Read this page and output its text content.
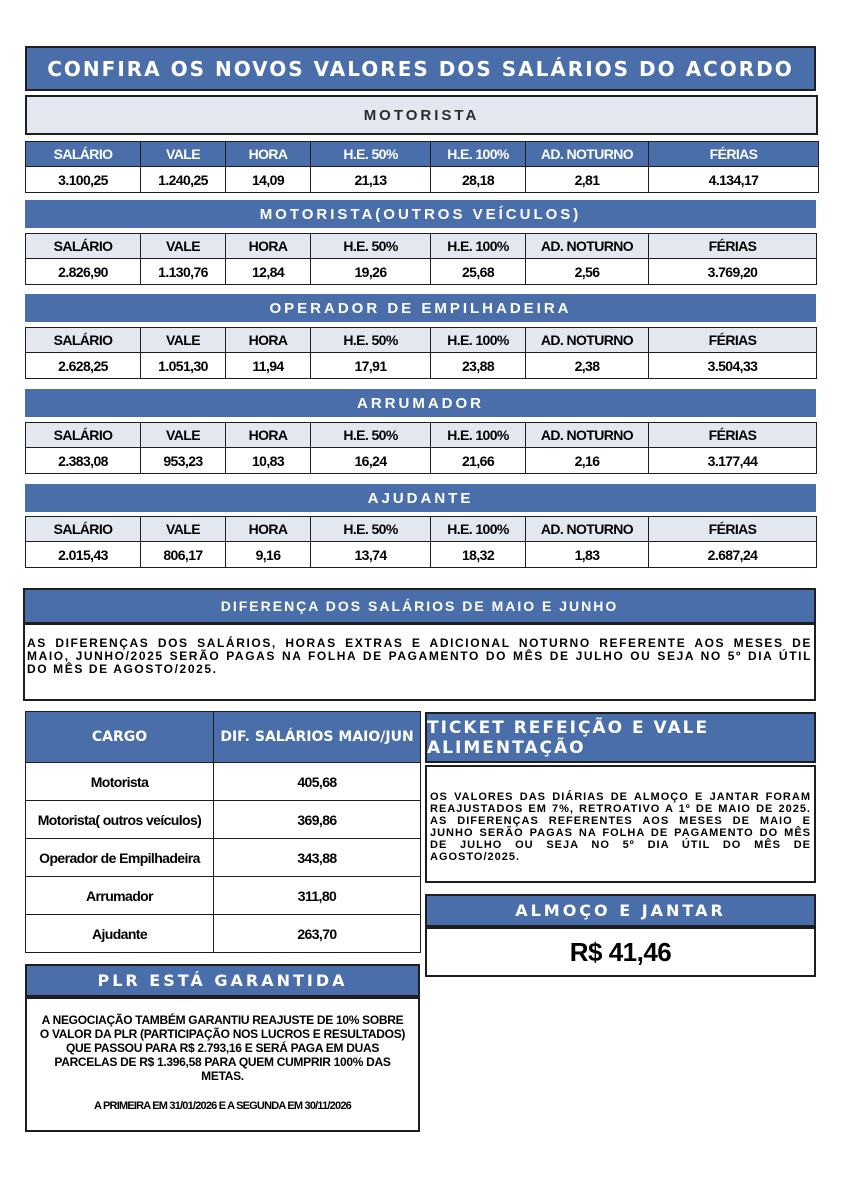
CONFIRA OS NOVOS VALORES DOS SALÁRIOS DO ACORDO
MOTORISTA
SALÁRIO	VALE	HORA	H.E. 50%	H.E. 100%	AD. NOTURNO	FÉRIAS
3.100,25	1.240,25	14,09	21,13	28,18	2,81	4.134,17
MOTORISTA(OUTROS VEÍCULOS)
SALÁRIO	VALE	HORA	H.E. 50%	H.E. 100%	AD. NOTURNO	FÉRIAS
2.826,90	1.130,76	12,84	19,26	25,68	2,56	3.769,20
OPERADOR DE EMPILHADEIRA
SALÁRIO	VALE	HORA	H.E. 50%	H.E. 100%	AD. NOTURNO	FÉRIAS
2.628,25	1.051,30	11,94	17,91	23,88	2,38	3.504,33
ARRUMADOR
SALÁRIO	VALE	HORA	H.E. 50%	H.E. 100%	AD. NOTURNO	FÉRIAS
2.383,08	953,23	10,83	16,24	21,66	2,16	3.177,44
AJUDANTE
SALÁRIO	VALE	HORA	H.E. 50%	H.E. 100%	AD. NOTURNO	FÉRIAS
2.015,43	806,17	9,16	13,74	18,32	1,83	2.687,24
DIFERENÇA DOS SALÁRIOS DE MAIO E JUNHO
AS DIFERENÇAS DOS SALÁRIOS, HORAS EXTRAS E ADICIONAL NOTURNO REFERENTE AOS MESES DE MAIO, JUNHO/2025 SERÃO PAGAS NA FOLHA DE PAGAMENTO DO MÊS DE JULHO OU SEJA NO 5º DIA ÚTIL DO MÊS DE AGOSTO/2025.
CARGO	DIF. SALÁRIOS MAIO/JUN
Motorista	405,68
Motorista( outros veículos)	369,86
Operador de Empilhadeira	343,88
Arrumador	311,80
Ajudante	263,70
TICKET REFEIÇÃO E VALE ALIMENTAÇÃO
OS VALORES DAS DIÁRIAS DE ALMOÇO E JANTAR FORAM REAJUSTADOS EM 7%, RETROATIVO A 1º DE MAIO DE 2025. AS DIFERENÇAS REFERENTES AOS MESES DE MAIO E JUNHO SERÃO PAGAS NA FOLHA DE PAGAMENTO DO MÊS DE JULHO OU SEJA NO 5º DIA ÚTIL DO MÊS DE AGOSTO/2025.
ALMOÇO E JANTAR
R$ 41,46
PLR ESTÁ GARANTIDA
A NEGOCIAÇÃO TAMBÉM GARANTIU REAJUSTE DE 10% SOBRE O VALOR DA PLR (PARTICIPAÇÃO NOS LUCROS E RESULTADOS) QUE PASSOU PARA R$ 2.793,16 E SERÁ PAGA EM DUAS PARCELAS DE R$ 1.396,58 PARA QUEM CUMPRIR 100% DAS METAS.
A PRIMEIRA EM 31/01/2026 E A SEGUNDA EM 30/11/2026
